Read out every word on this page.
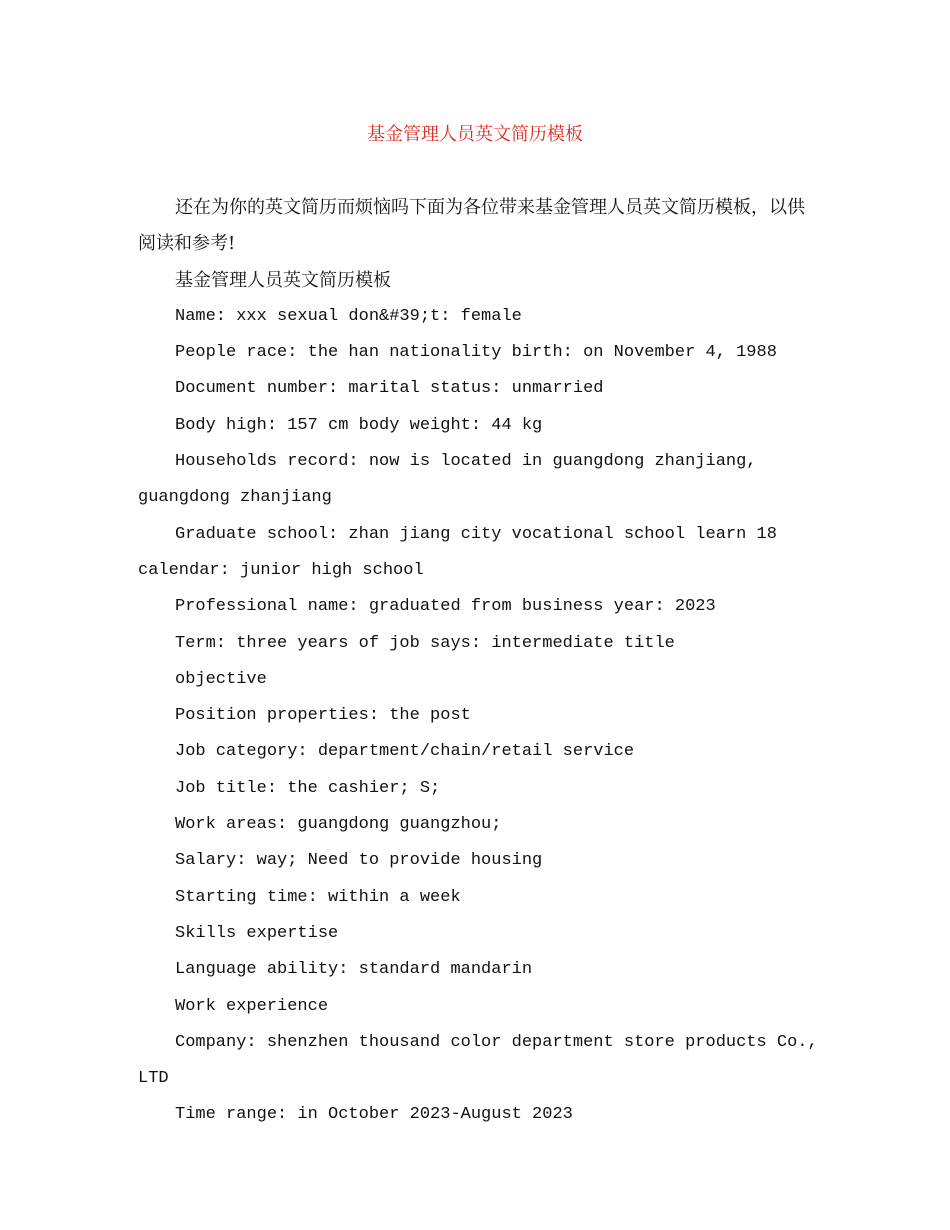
基金管理人员英文简历模板
还在为你的英文简历而烦恼吗下面为各位带来基金管理人员英文简历模板，以供阅读和参考!
基金管理人员英文简历模板
Name: xxx sexual don&#39;t: female
People race: the han nationality birth: on November 4, 1988
Document number: marital status: unmarried
Body high: 157 cm body weight: 44 kg
Households record: now is located in guangdong zhanjiang, guangdong zhanjiang
Graduate school: zhan jiang city vocational school learn 18 calendar: junior high school
Professional name: graduated from business year: 2023
Term: three years of job says: intermediate title
objective
Position properties: the post
Job category: department/chain/retail service
Job title: the cashier; S;
Work areas: guangdong guangzhou;
Salary: way; Need to provide housing
Starting time: within a week
Skills expertise
Language ability: standard mandarin
Work experience
Company: shenzhen thousand color department store products Co., LTD
Time range: in October 2023-August 2023
